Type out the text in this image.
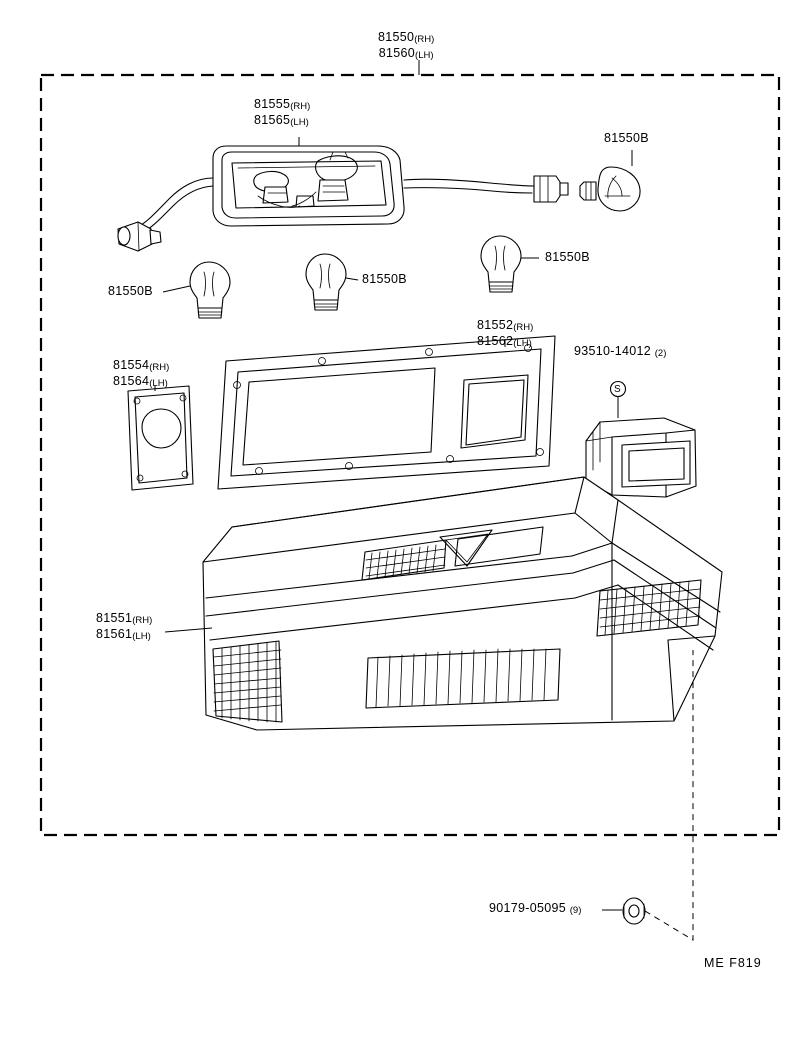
81550(RH)
81560(LH)
81555(RH)
81565(LH)
81550B
81550B
81550B
81550B
81552(RH)
81562(LH)
93510-14012 (2)
81554(RH)
81564(LH)
81551(RH)
81561(LH)
90179-05095 (9)
S
ME F819
